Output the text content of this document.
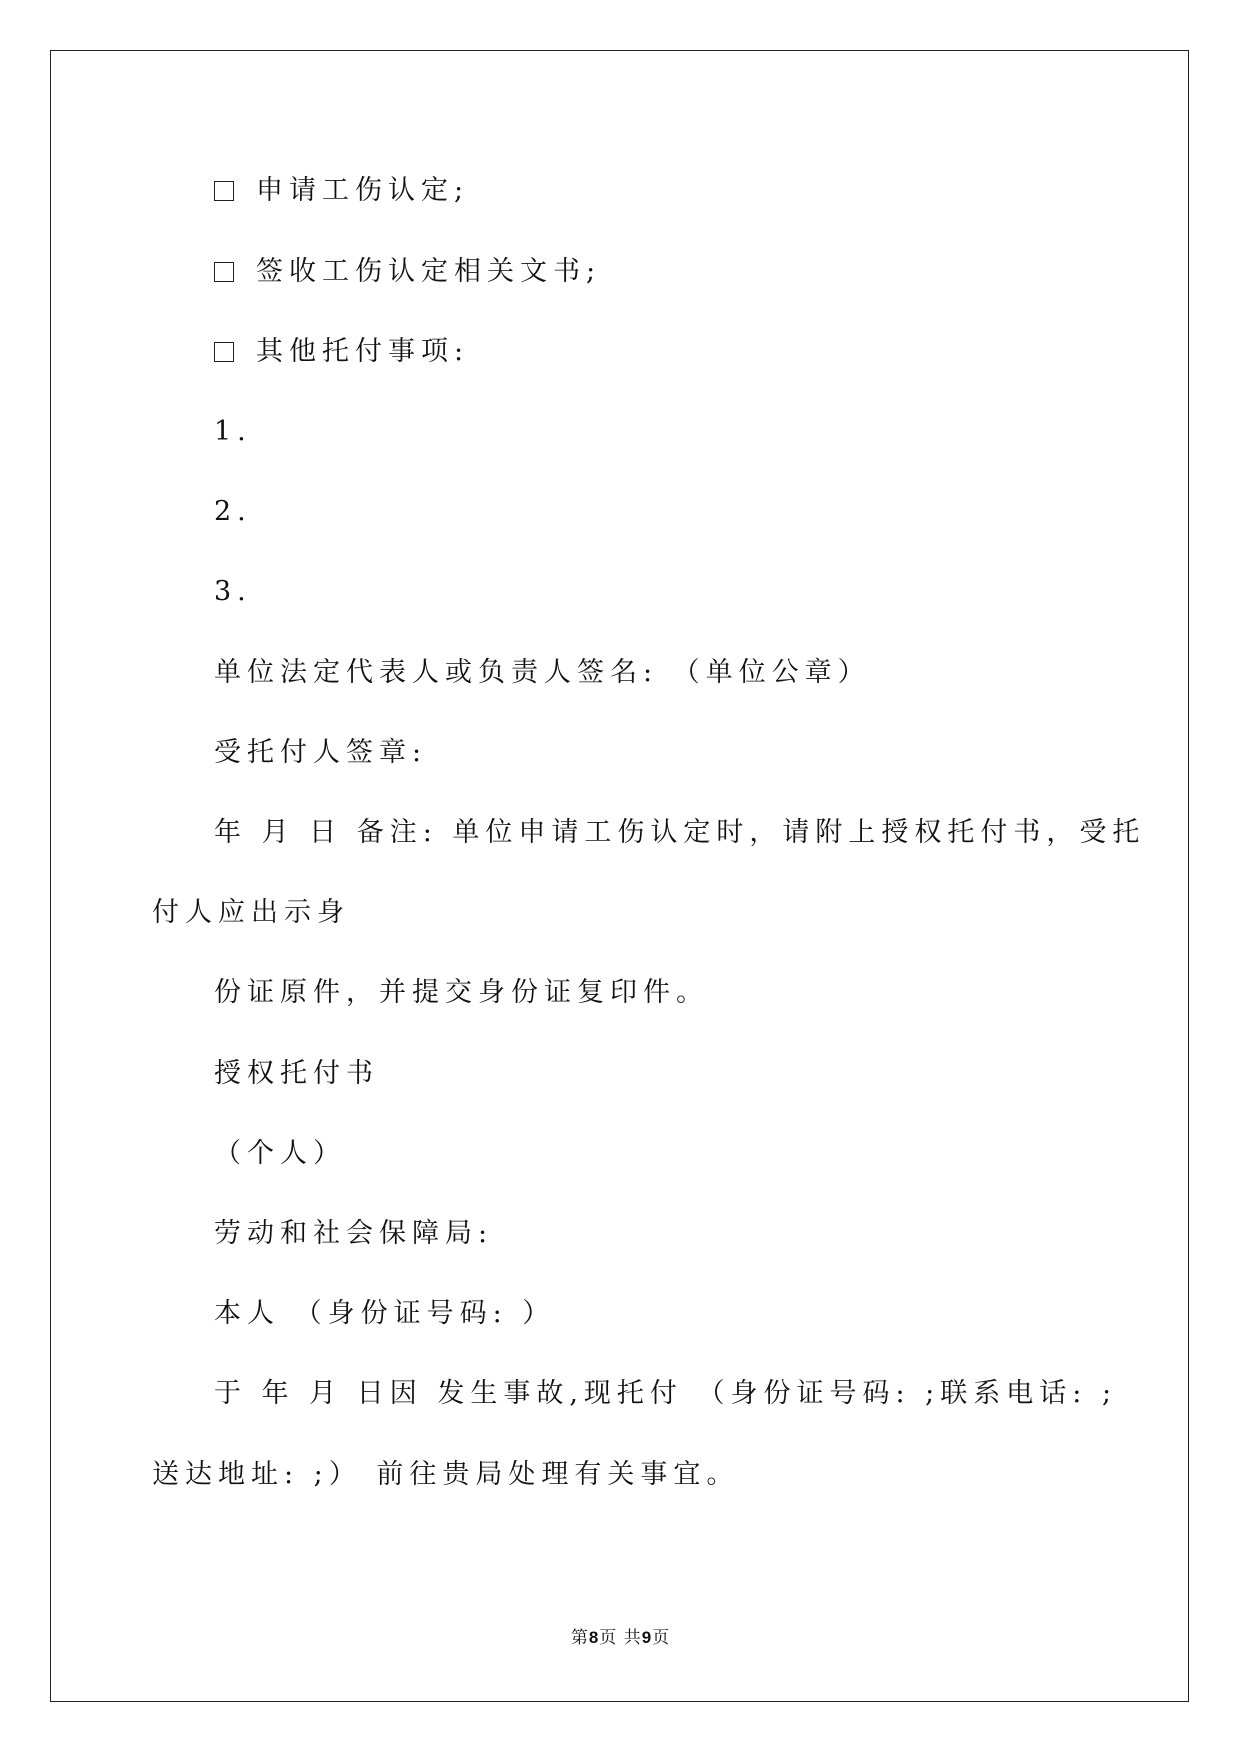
申请工伤认定;
签收工伤认定相关文书;
其他托付事项:
1.
2.
3.
单位法定代表人或负责人签名: （单位公章）
受托付人签章:
年 月 日 备注: 单位申请工伤认定时，请附上授权托付书，受托
付人应出示身
份证原件，并提交身份证复印件。
授权托付书
（个人）
劳动和社会保障局:
本人 （身份证号码: ）
于 年 月 日因 发生事故,现托付 （身份证号码: ;联系电话: ;
送达地址: ;） 前往贵局处理有关事宜。
第8页 共9页
